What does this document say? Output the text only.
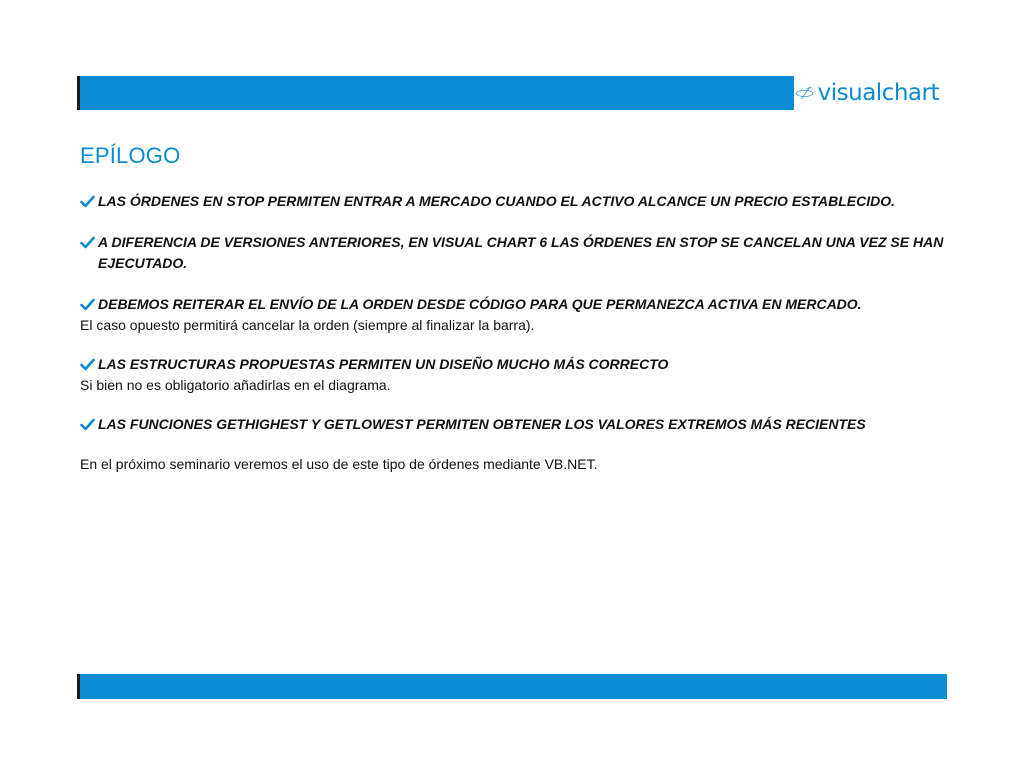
visualchart
EPÍLOGO
LAS ÓRDENES EN STOP PERMITEN ENTRAR A MERCADO CUANDO EL ACTIVO ALCANCE UN PRECIO ESTABLECIDO.
A DIFERENCIA DE VERSIONES ANTERIORES, EN VISUAL CHART 6 LAS ÓRDENES EN STOP SE CANCELAN UNA VEZ SE HAN EJECUTADO.
DEBEMOS REITERAR EL ENVÍO DE LA ORDEN DESDE CÓDIGO PARA QUE PERMANEZCA ACTIVA EN MERCADO.
El caso opuesto permitirá cancelar la orden (siempre al finalizar la barra).
LAS ESTRUCTURAS PROPUESTAS PERMITEN UN DISEÑO MUCHO MÁS CORRECTO
Si bien no es obligatorio añadirlas en el diagrama.
LAS FUNCIONES GETHIGHEST Y GETLOWEST PERMITEN OBTENER LOS VALORES EXTREMOS MÁS RECIENTES
En el próximo seminario veremos el uso de este tipo de órdenes mediante VB.NET.
